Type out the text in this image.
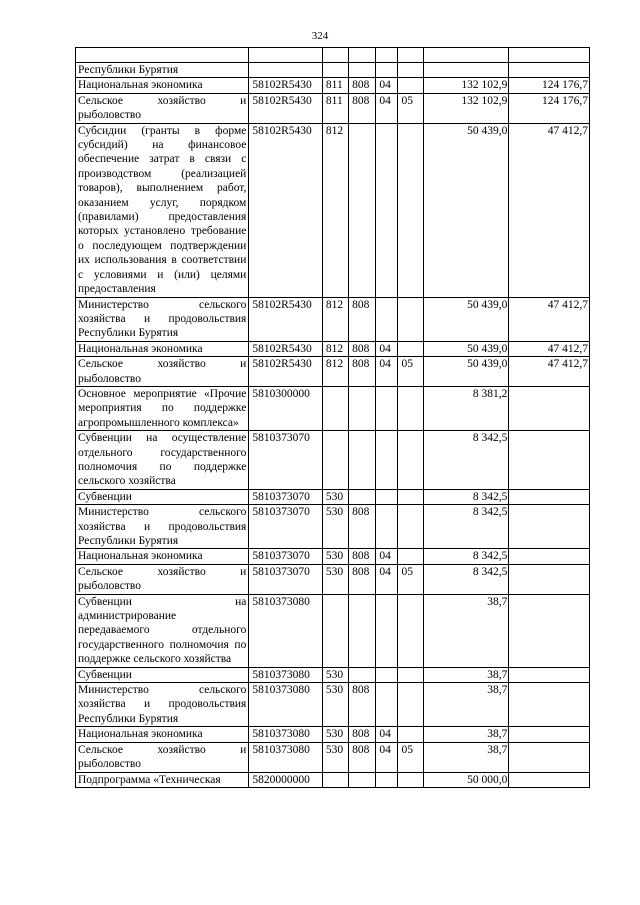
324

Республики Бурятия							
Национальная экономика	58102R5430	811	808	04		132 102,9	124 176,7
Сельское хозяйство и рыболовство	58102R5430	811	808	04	05	132 102,9	124 176,7
Субсидии (гранты в форме субсидий) на финансовое обеспечение затрат в связи с производством (реализацией товаров), выполнением работ, оказанием услуг, порядком (правилами) предоставления которых установлено требование о последующем подтверждении их использования в соответствии с условиями и (или) целями предоставления	58102R5430	812				50 439,0	47 412,7
Министерство сельского хозяйства и продовольствия Республики Бурятия	58102R5430	812	808			50 439,0	47 412,7
Национальная экономика	58102R5430	812	808	04		50 439,0	47 412,7
Сельское хозяйство и рыболовство	58102R5430	812	808	04	05	50 439,0	47 412,7
Основное мероприятие «Прочие мероприятия по поддержке агропромышленного комплекса»	5810300000					8 381,2	
Субвенции на осуществление отдельного государственного полномочия по поддержке сельского хозяйства	5810373070					8 342,5	
Субвенции	5810373070	530				8 342,5	
Министерство сельского хозяйства и продовольствия Республики Бурятия	5810373070	530	808			8 342,5	
Национальная экономика	5810373070	530	808	04		8 342,5	
Сельское хозяйство и рыболовство	5810373070	530	808	04	05	8 342,5	
Субвенции на администрирование передаваемого отдельного государственного полномочия по поддержке сельского хозяйства	5810373080					38,7	
Субвенции	5810373080	530				38,7	
Министерство сельского хозяйства и продовольствия Республики Бурятия	5810373080	530	808			38,7	
Национальная экономика	5810373080	530	808	04		38,7	
Сельское хозяйство и рыболовство	5810373080	530	808	04	05	38,7	
Подпрограмма «Техническая	5820000000					50 000,0	
